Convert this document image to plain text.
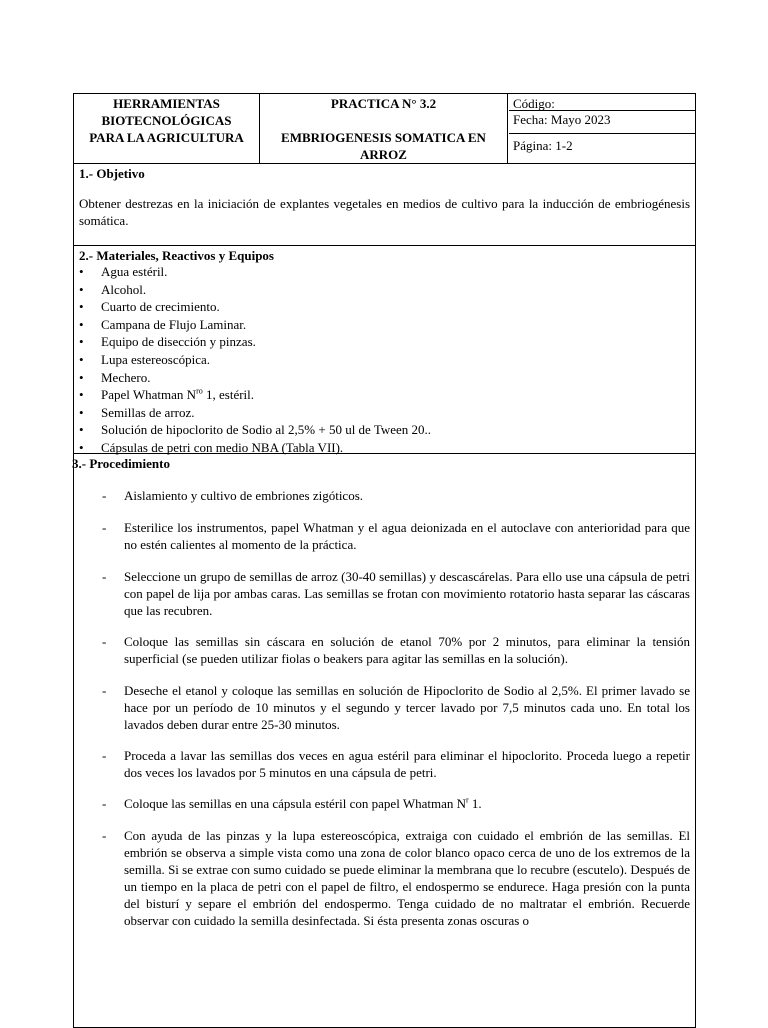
HERRAMIENTAS
BIOTECNOLÓGICAS
PARA LA AGRICULTURA
PRACTICA N° 3.2
EMBRIOGENESIS SOMATICA EN
ARROZ
Código:
Fecha: Mayo 2023
Página: 1-2
1.- Objetivo
Obtener destrezas en la iniciación de explantes vegetales en medios de cultivo para la inducción de embriogénesis somática.
2.- Materiales, Reactivos y Equipos
• Agua estéril.
• Alcohol.
• Cuarto de crecimiento.
• Campana de Flujo Laminar.
• Equipo de disección y pinzas.
• Lupa estereoscópica.
• Mechero.
• Papel Whatman $N^{ro}$ 1, estéril.
• Semillas de arroz.
• Solución de hipoclorito de Sodio al 2,5% + 50 ul de Tween 20..
• Cápsulas de petri con medio NBA (Tabla VII).
3.- Procedimiento
- Aislamiento y cultivo de embriones zigóticos.
- Esterilice los instrumentos, papel Whatman y el agua deionizada en el autoclave con anterioridad para que no estén calientes al momento de la práctica.
- Seleccione un grupo de semillas de arroz (30-40 semillas) y descascárelas. Para ello use una cápsula de petri con papel de lija por ambas caras. Las semillas se frotan con movimiento rotatorio hasta separar las cáscaras que las recubren.
- Coloque las semillas sin cáscara en solución de etanol 70% por 2 minutos, para eliminar la tensión superficial (se pueden utilizar fiolas o beakers para agitar las semillas en la solución).
- Deseche el etanol y coloque las semillas en solución de Hipoclorito de Sodio al 2,5%. El primer lavado se hace por un período de 10 minutos y el segundo y tercer lavado por 7,5 minutos cada uno. En total los lavados deben durar entre 25-30 minutos.
- Proceda a lavar las semillas dos veces en agua estéril para eliminar el hipoclorito. Proceda luego a repetir dos veces los lavados por 5 minutos en una cápsula de petri.
- Coloque las semillas en una cápsula estéril con papel Whatman $N^r$ 1.
- Con ayuda de las pinzas y la lupa estereoscópica, extraiga con cuidado el embrión de las semillas. El embrión se observa a simple vista como una zona de color blanco opaco cerca de uno de los extremos de la semilla. Si se extrae con sumo cuidado se puede eliminar la membrana que lo recubre (escutelo). Después de un tiempo en la placa de petri con el papel de filtro, el endospermo se endurece. Haga presión con la punta del bisturí y separe el embrión del endospermo. Tenga cuidado de no maltratar el embrión. Recuerde observar con cuidado la semilla desinfectada. Si ésta presenta zonas oscuras o
